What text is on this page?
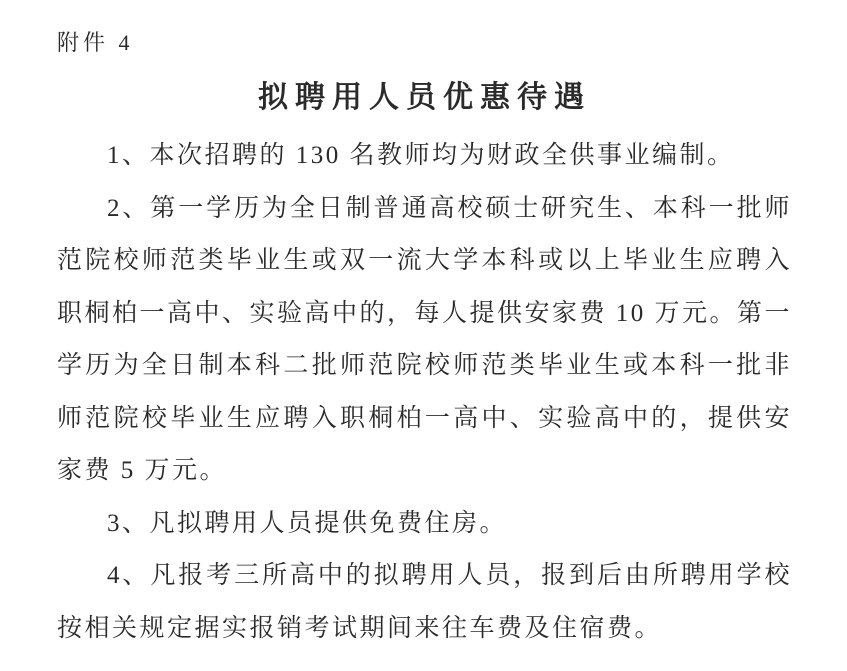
附件 4
拟聘用人员优惠待遇

1、本次招聘的 130 名教师均为财政全供事业编制。

2、第一学历为全日制普通高校硕士研究生、本科一批师范院校师范类毕业生或双一流大学本科或以上毕业生应聘入职桐柏一高中、实验高中的，每人提供安家费 10 万元。第一学历为全日制本科二批师范院校师范类毕业生或本科一批非师范院校毕业生应聘入职桐柏一高中、实验高中的，提供安家费 5 万元。

3、凡拟聘用人员提供免费住房。

4、凡报考三所高中的拟聘用人员，报到后由所聘用学校按相关规定据实报销考试期间来往车费及住宿费。
